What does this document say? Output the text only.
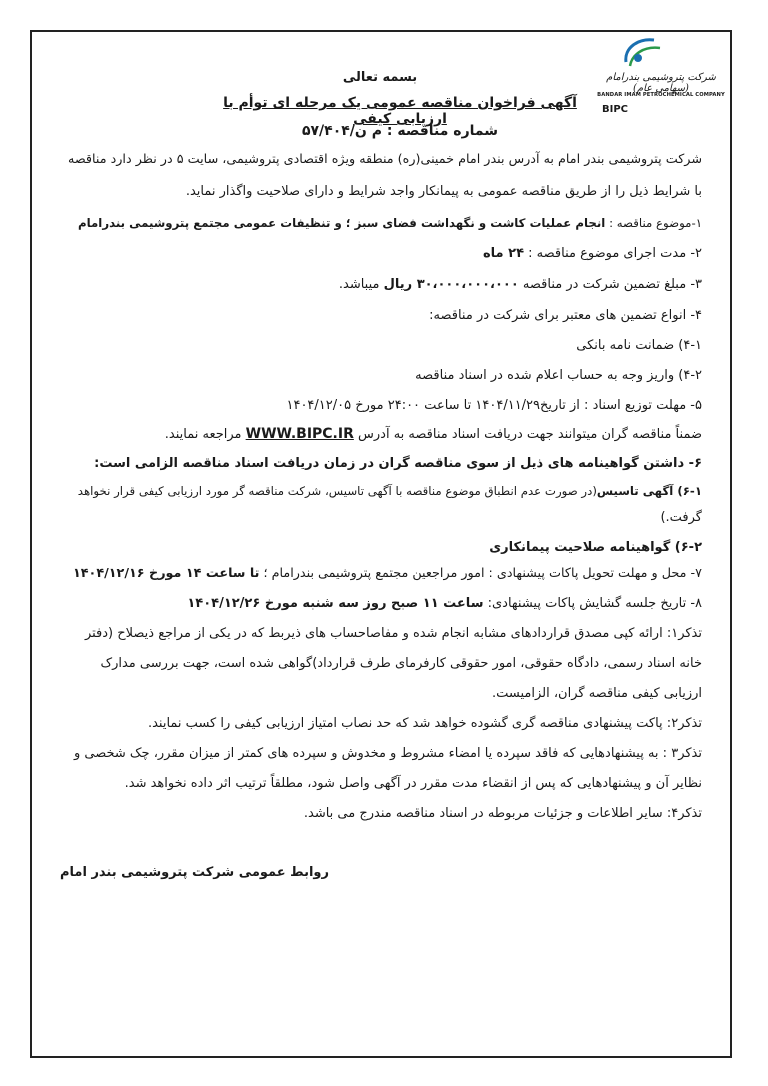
شرکت پتروشیمی بندرامام (سهامی عام)
BANDAR IMAM PETROCHEMICAL COMPANY
BIPC
بسمه تعالی
آگهی فراخوان مناقصه عمومی یک مرحله ای توأم با ارزیابی کیفی
شماره مناقصه : م ن/۵۷/۴۰۴
شرکت پتروشیمی بندر امام به آدرس بندر امام خمینی(ره) منطقه ویژه اقتصادی پتروشیمی، سایت ۵ در نظر دارد مناقصه
با شرایط ذیل را از طریق مناقصه عمومی به پیمانکار واجد شرایط و دارای صلاحیت واگذار نماید.
۱-موضوع مناقصه : انجام عملیات کاشت و نگهداشت فضای سبز ؛ و تنظیفات عمومی مجتمع پتروشیمی بندرامام
۲- مدت اجرای موضوع مناقصه : ۲۴ ماه
۳- مبلغ تضمین شرکت در مناقصه ۳۰،۰۰۰،۰۰۰،۰۰۰ ریال میباشد.
۴- انواع تضمین های معتبر برای شرکت در مناقصه:
۴-۱) ضمانت نامه بانکی
۴-۲) واریز وجه به حساب اعلام شده در اسناد مناقصه
۵- مهلت توزیع اسناد : از تاریخ۱۴۰۴/۱۱/۲۹ تا ساعت ۲۴:۰۰ مورخ ۱۴۰۴/۱۲/۰۵
ضمناً مناقصه گران میتوانند جهت دریافت اسناد مناقصه به آدرس WWW.BIPC.IR مراجعه نمایند.
۶- داشتن گواهینامه های ذیل از سوی مناقصه گران در زمان دریافت اسناد مناقصه الزامی است:
۶-۱) آگهی تاسیس(در صورت عدم انطباق موضوع مناقصه با آگهی تاسیس، شرکت مناقصه گر مورد ارزیابی کیفی قرار نخواهد
گرفت.)
۶-۲) گواهینامه صلاحیت پیمانکاری
۷- محل و مهلت تحویل پاکات پیشنهادی : امور مراجعین مجتمع پتروشیمی بندرامام ؛ تا ساعت ۱۴ مورخ ۱۴۰۴/۱۲/۱۶
۸- تاریخ جلسه گشایش پاکات پیشنهادی: ساعت ۱۱ صبح روز سه شنبه مورخ ۱۴۰۴/۱۲/۲۶
تذکر۱: ارائه کپی مصدق قراردادهای مشابه انجام شده و مفاصاحساب های ذیربط که در یکی از مراجع ذیصلاح (دفتر
خانه اسناد رسمی، دادگاه حقوقی، امور حقوقی کارفرمای طرف قرارداد)گواهی شده است، جهت بررسی مدارک
ارزیابی کیفی مناقصه گران، الزامیست.
تذکر۲: پاکت پیشنهادی مناقصه گری گشوده خواهد شد که حد نصاب امتیاز ارزیابی کیفی را کسب نمایند.
تذکر۳ : به پیشنهادهایی که فاقد سپرده یا امضاء مشروط و مخدوش و سپرده های کمتر از میزان مقرر، چک شخصی و
نظایر آن و پیشنهادهایی که پس از انقضاء مدت مقرر در آگهی واصل شود، مطلقاً ترتیب اثر داده نخواهد شد.
تذکر۴: سایر اطلاعات و جزئیات مربوطه در اسناد مناقصه مندرج می باشد.
روابط عمومی شرکت پتروشیمی بندر امام
